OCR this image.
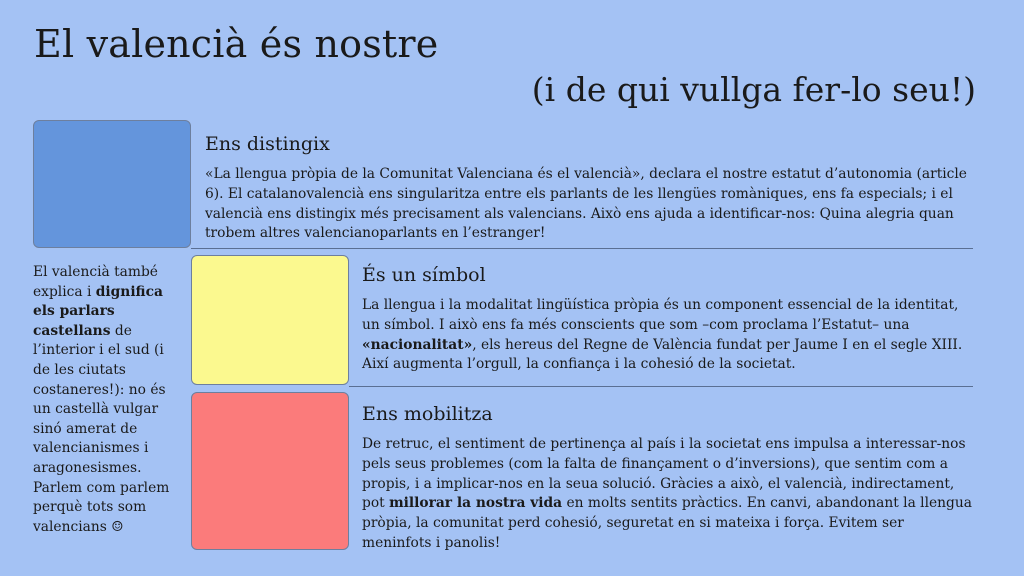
El valencià és nostre
(i de qui vullga fer-lo seu!)
Ens distingix

«La llengua pròpia de la Comunitat Valenciana és el valencià», declara el nostre estatut d’autonomia (article 6). El catalanovalencià ens singularitza entre els parlants de les llengües romàniques, ens fa especials; i el valencià ens distingix més precisament als valencians. Això ens ajuda a identificar-nos: Quina alegria quan trobem altres valencianoparlants en l’estranger!

És un símbol

La llengua i la modalitat lingüística pròpia és un component essencial de la identitat, un símbol. I això ens fa més conscients que som –com proclama l’Estatut– una «nacionalitat», els hereus del Regne de València fundat per Jaume I en el segle XIII. Així augmenta l’orgull, la confiança i la cohesió de la societat.

Ens mobilitza

De retruc, el sentiment de pertinença al país i la societat ens impulsa a interessar-nos pels seus problemes (com la falta de finançament o d’inversions), que sentim com a propis, i a implicar-nos en la seua solució. Gràcies a això, el valencià, indirectament, pot millorar la nostra vida en molts sentits pràctics. En canvi, abandonant la llengua pròpia, la comunitat perd cohesió, seguretat en si mateixa i força. Evitem ser meninfots i panolis!

El valencià també explica i dignifica els parlars castellans de l’interior i el sud (i de les ciutats costaneres!): no és un castellà vulgar sinó amerat de valencianismes i aragonesismes. Parlem com parlem perquè tots som valencians ☺
